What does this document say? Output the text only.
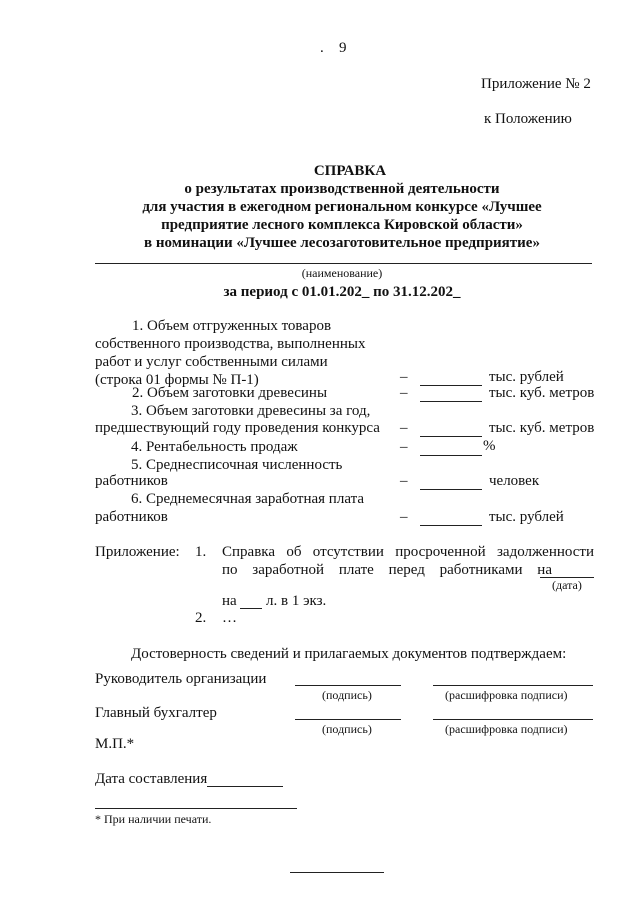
. 9
Приложение № 2
к Положению
СПРАВКА
о результатах производственной деятельности
для участия в ежегодном региональном конкурсе «Лучшее
предприятие лесного комплекса Кировской области»
в номинации «Лучшее лесозаготовительное предприятие»
(наименование)
за период с 01.01.202_ по 31.12.202_
1. Объем отгруженных товаров
собственного производства, выполненных
работ и услуг собственными силами
(строка 01 формы № П-1)	–	тыс. рублей
2. Объем заготовки древесины	–	тыс. куб. метров
3. Объем заготовки древесины за год,
предшествующий году проведения конкурса –	тыс. куб. метров
4. Рентабельность продаж	–	%
5. Среднесписочная численность
работников	–	человек
6. Среднемесячная заработная плата
работников	–	тыс. рублей
Приложение: 1. Справка об отсутствии просроченной задолженности
по заработной плате перед работниками на
(дата)
на л. в 1 экз.
2. …
Достоверность сведений и прилагаемых документов подтверждаем:
Руководитель организации
(подпись)	(расшифровка подписи)
Главный бухгалтер
(подпись)	(расшифровка подписи)
М.П.*
Дата составления
* При наличии печати.
